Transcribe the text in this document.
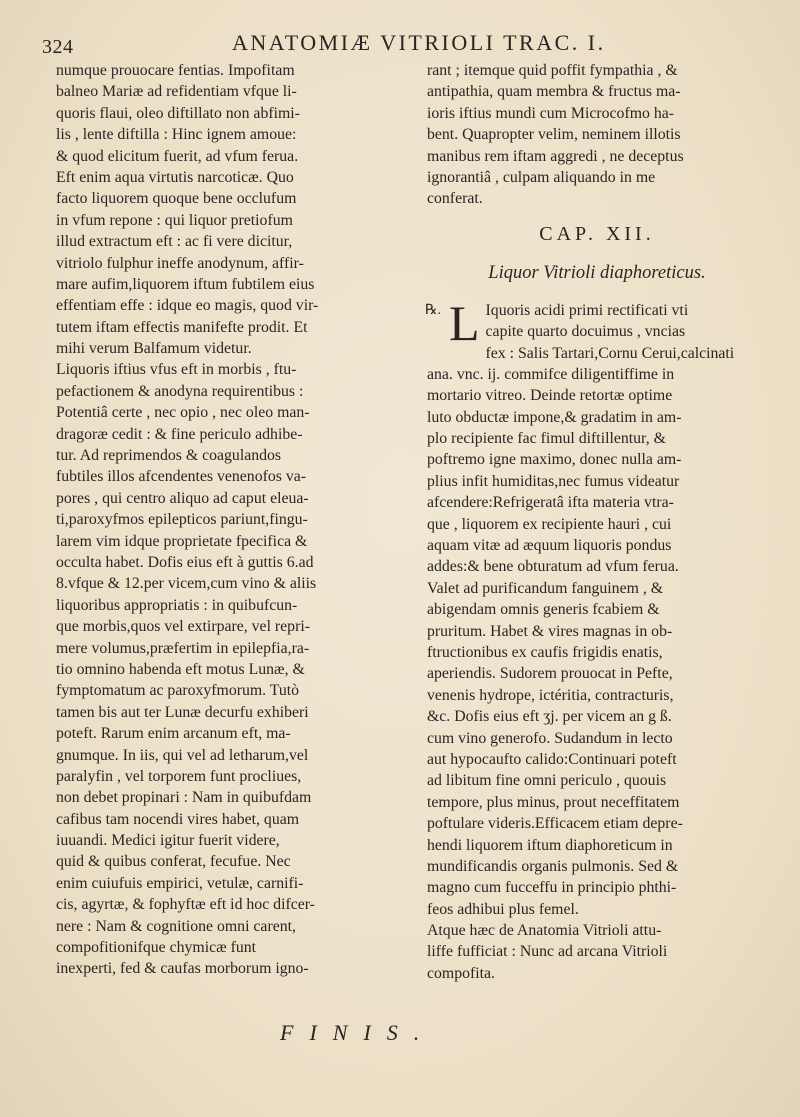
324	ANATOMIÆ VITRIOLI TRAC. I.
numque prouocare fentias. Impofitam
balneo Mariæ ad refidentiam vfque li-
quoris flaui, oleo diftillato non abfimi-
lis , lente diftilla : Hinc ignem amoue:
& quod elicitum fuerit, ad vfum ferua.
Eft enim aqua virtutis narcoticæ. Quo
facto liquorem quoque bene occlufum
in vfum repone : qui liquor pretiofum
illud extractum eft : ac fi vere dicitur,
vitriolo fulphur ineffe anodynum, affir-
mare aufim,liquorem iftum fubtilem eius
effentiam effe : idque eo magis, quod vir-
tutem iftam effectis manifefte prodit. Et
mihi verum Balfamum videtur.
Liquoris iftius vfus eft in morbis , ftu-
pefactionem & anodyna requirentibus :
Potentiâ certe , nec opio , nec oleo man-
dragoræ cedit : & fine periculo adhibe-
tur. Ad reprimendos & coagulandos
fubtiles illos afcendentes venenofos va-
pores , qui centro aliquo ad caput eleua-
ti,paroxyfmos epilepticos pariunt,fingu-
larem vim idque proprietate fpecifica &
occulta habet. Dofis eius eft à guttis 6.ad
8.vfque & 12.per vicem,cum vino & aliis
liquoribus appropriatis : in quibufcun-
que morbis,quos vel extirpare, vel repri-
mere volumus,præfertim in epilepfia,ra-
tio omnino habenda eft motus Lunæ, &
fymptomatum ac paroxyfmorum. Tutò
tamen bis aut ter Lunæ decurfu exhiberi
poteft. Rarum enim arcanum eft, ma-
gnumque. In iis, qui vel ad letharum,vel
paralyfin , vel torporem funt procliues,
non debet propinari : Nam in quibufdam
cafibus tam nocendi vires habet, quam
iuuandi. Medici igitur fuerit videre,
quid & quibus conferat, fecufue. Nec
enim cuiufuis empirici, vetulæ, carnifi-
cis, agyrtæ, & fophyftæ eft id hoc difcer-
nere : Nam & cognitione omni carent,
compofitionifque chymicæ funt
inexperti, fed & caufas morborum igno-
rant ; itemque quid poffit fympathia , &
antipathia, quam membra & fructus ma-
ioris iftius mundi cum Microcofmo ha-
bent. Quapropter velim, neminem illotis
manibus rem iftam aggredi , ne deceptus
ignorantiâ , culpam aliquando in me
conferat.
CAP. XII.
Liquor Vitrioli diaphoreticus.
℞. L Iquoris acidi primi rectificati vti
capite quarto docuimus , vncias
fex : Salis Tartari,Cornu Cerui,calcinati
ana. vnc. ij. commifce diligentiffime in
mortario vitreo. Deinde retortæ optime
luto obductæ impone,& gradatim in am-
plo recipiente fac fimul diftillentur, &
poftremo igne maximo, donec nulla am-
plius infit humiditas,nec fumus videatur
afcendere:Refrigeratâ ifta materia vtra-
que , liquorem ex recipiente hauri , cui
aquam vitæ ad æquum liquoris pondus
addes:& bene obturatum ad vfum ferua.
Valet ad purificandum fanguinem , &
abigendam omnis generis fcabiem &
pruritum. Habet & vires magnas in ob-
ftructionibus ex caufis frigidis enatis,
aperiendis. Sudorem prouocat in Pefte,
venenis hydrope, ictéritia, contracturis,
&c. Dofis eius eft ʒj. per vicem an g ß.
cum vino generofo. Sudandum in lecto
aut hypocaufto calido:Continuari poteft
ad libitum fine omni periculo , quouis
tempore, plus minus, prout neceffitatem
poftulare videris.Efficacem etiam depre-
hendi liquorem iftum diaphoreticum in
mundificandis organis pulmonis. Sed &
magno cum fucceffu in principio phthi-
feos adhibui plus femel.
Atque hæc de Anatomia Vitrioli attu-
liffe fufficiat : Nunc ad arcana Vitrioli
compofita.
FINIS.
